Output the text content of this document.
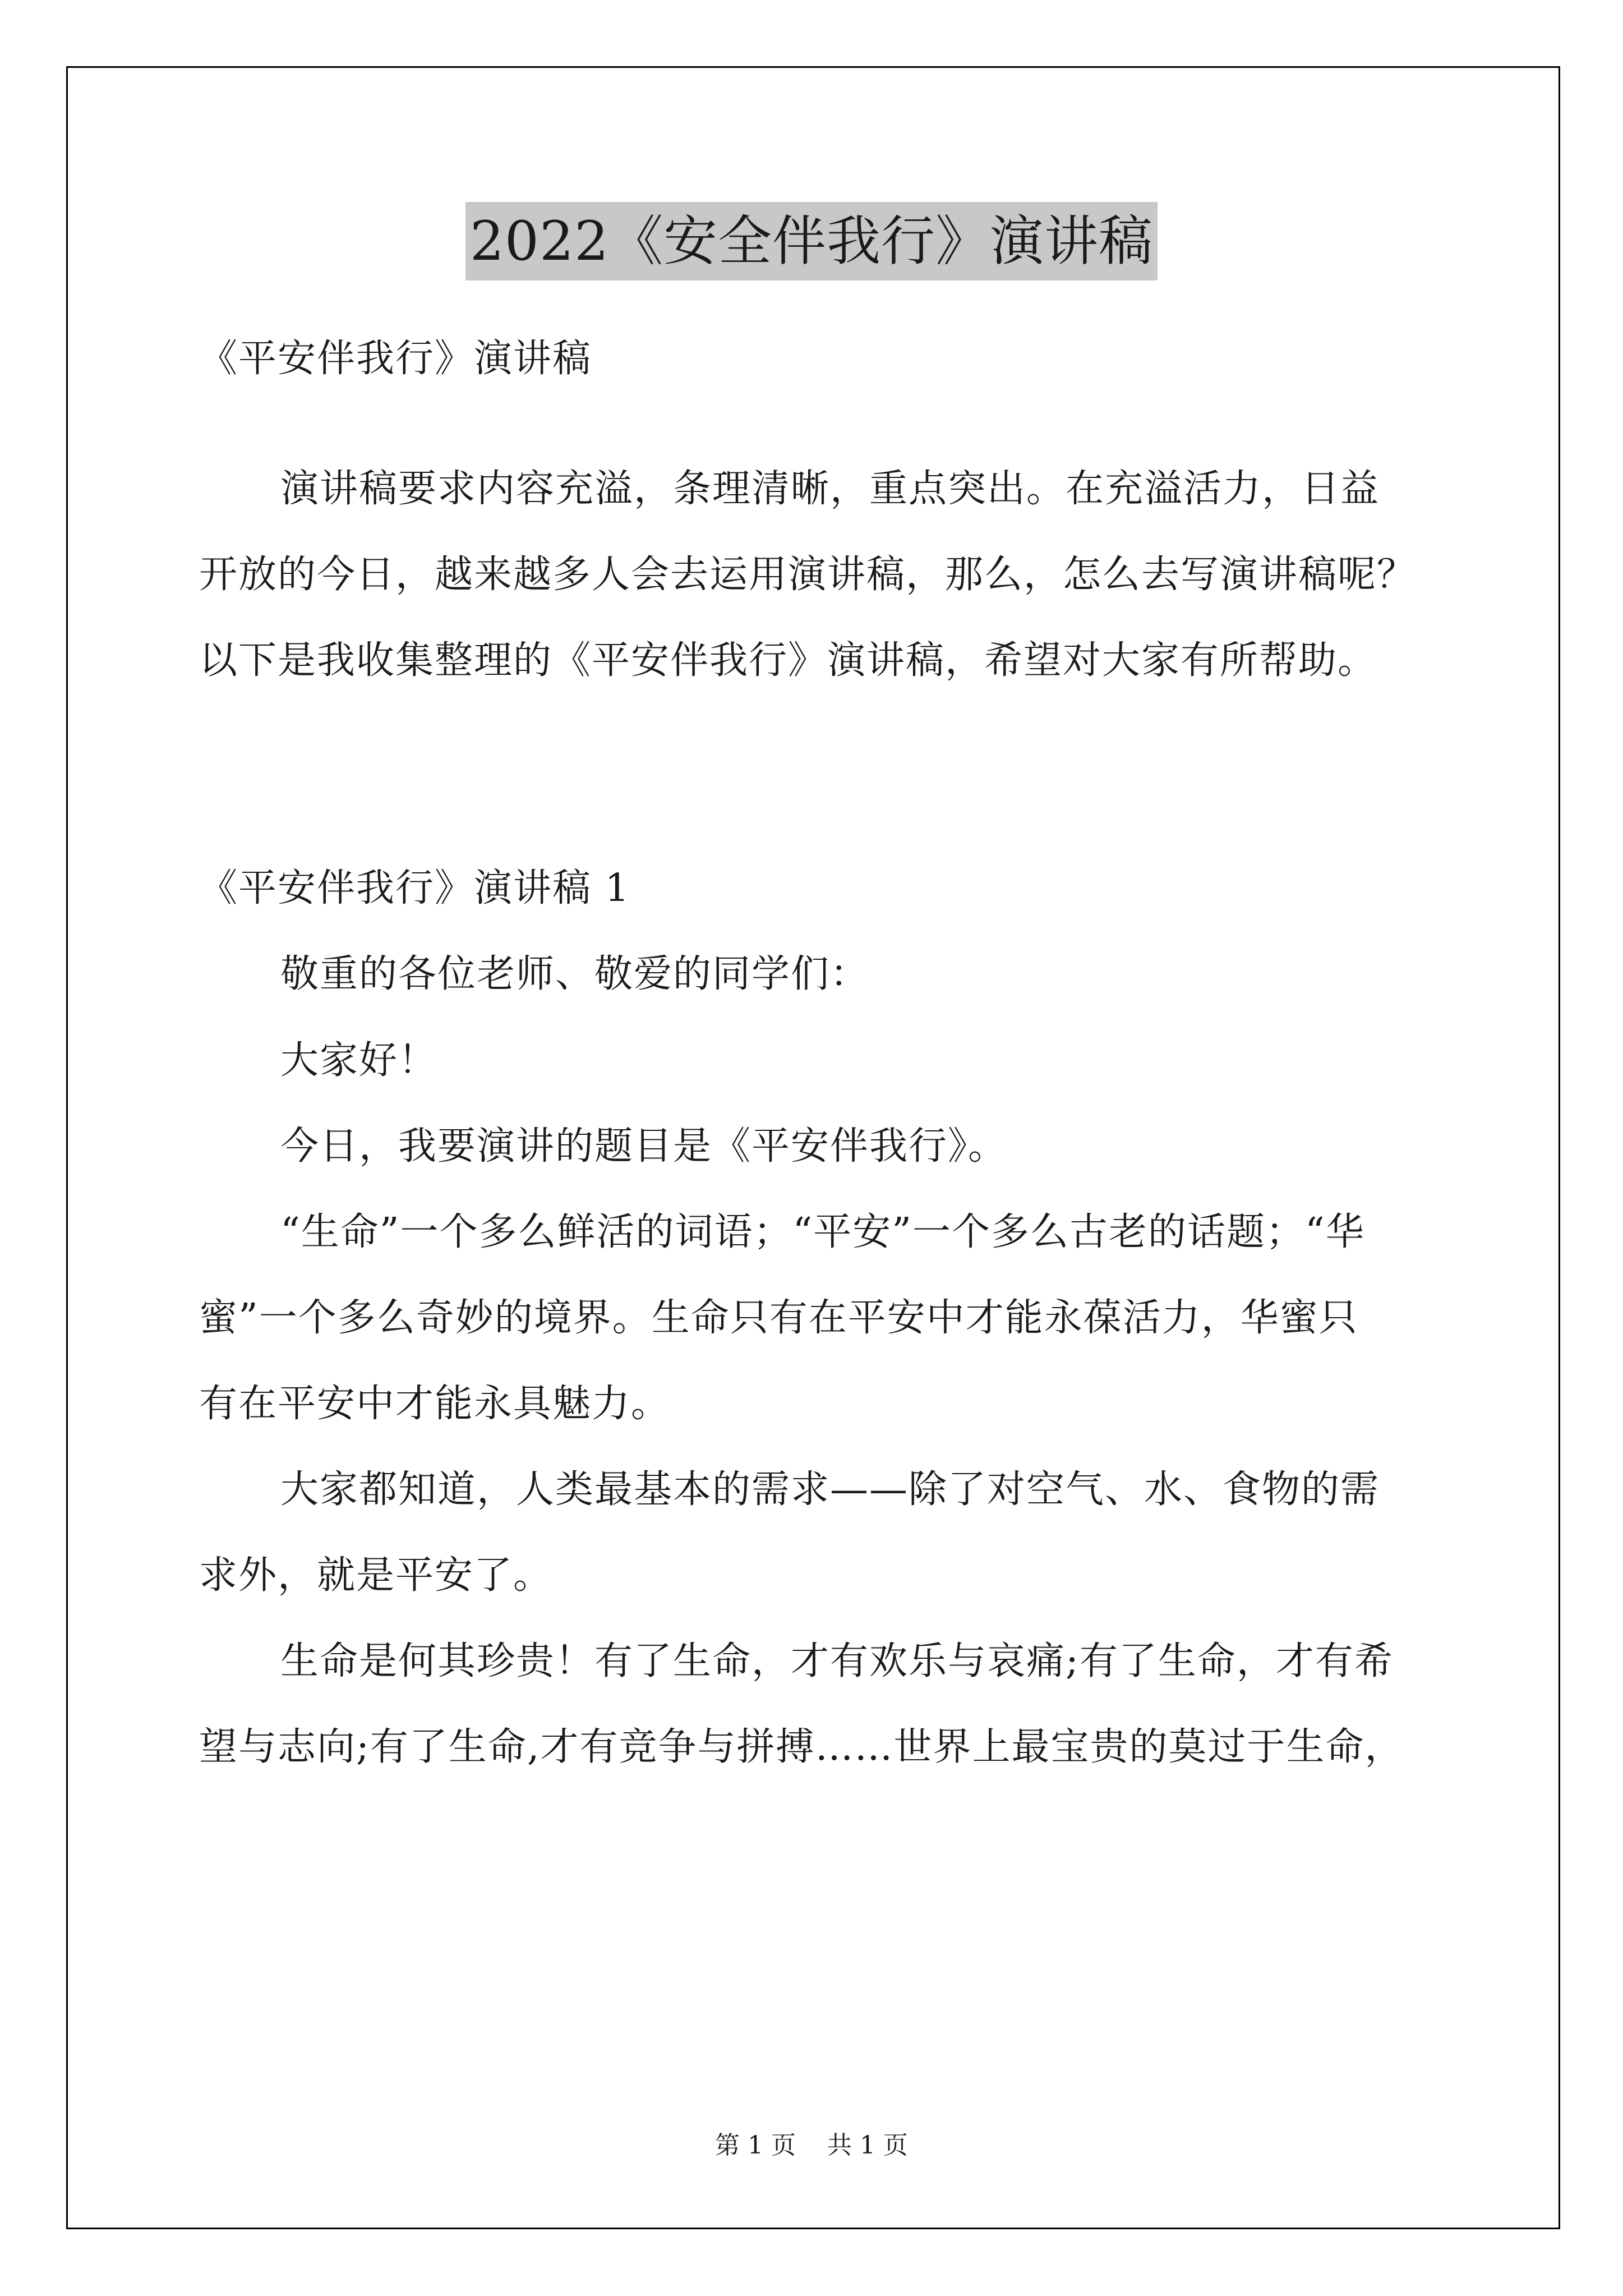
2022《安全伴我行》演讲稿
《平安伴我行》演讲稿
演讲稿要求内容充溢，条理清晰，重点突出。在充溢活力，日益
开放的今日，越来越多人会去运用演讲稿，那么，怎么去写演讲稿呢？
以下是我收集整理的《平安伴我行》演讲稿，希望对大家有所帮助。
《平安伴我行》演讲稿 1
敬重的各位老师、敬爱的同学们：
大家好！
今日，我要演讲的题目是《平安伴我行》。
“生命”一个多么鲜活的词语；“平安”一个多么古老的话题；“华
蜜”一个多么奇妙的境界。生命只有在平安中才能永葆活力，华蜜只
有在平安中才能永具魅力。
大家都知道，人类最基本的需求——除了对空气、水、食物的需
求外，就是平安了。
生命是何其珍贵！有了生命，才有欢乐与哀痛;有了生命，才有希
望与志向;有了生命,才有竞争与拼搏……世界上最宝贵的莫过于生命，
第 1 页    共 1 页
